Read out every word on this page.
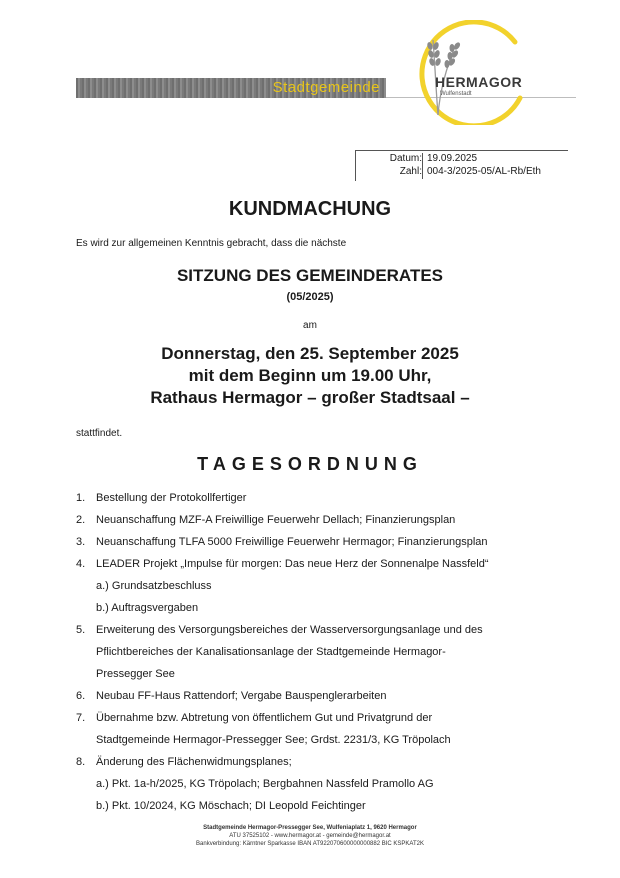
Stadtgemeinde	HERMAGOR
Wulfenstadt
Datum: 19.09.2025
Zahl: 004-3/2025-05/AL-Rb/Eth
KUNDMACHUNG
Es wird zur allgemeinen Kenntnis gebracht, dass die nächste
SITZUNG DES GEMEINDERATES
(05/2025)
am
Donnerstag, den 25. September 2025
mit dem Beginn um 19.00 Uhr,
Rathaus Hermagor – großer Stadtsaal –
stattfindet.
TAGESORDNUNG
1. Bestellung der Protokollfertiger
2. Neuanschaffung MZF-A Freiwillige Feuerwehr Dellach; Finanzierungsplan
3. Neuanschaffung TLFA 5000 Freiwillige Feuerwehr Hermagor; Finanzierungsplan
4. LEADER Projekt „Impulse für morgen: Das neue Herz der Sonnenalpe Nassfeld“
a.) Grundsatzbeschluss
b.) Auftragsvergaben
5. Erweiterung des Versorgungsbereiches der Wasserversorgungsanlage und des
Pflichtbereiches der Kanalisationsanlage der Stadtgemeinde Hermagor-
Pressegger See
6. Neubau FF-Haus Rattendorf; Vergabe Bauspenglerarbeiten
7. Übernahme bzw. Abtretung von öffentlichem Gut und Privatgrund der
Stadtgemeinde Hermagor-Pressegger See; Grdst. 2231/3, KG Tröpolach
8. Änderung des Flächenwidmungsplanes;
a.) Pkt. 1a-h/2025, KG Tröpolach; Bergbahnen Nassfeld Pramollo AG
b.) Pkt. 10/2024, KG Möschach; DI Leopold Feichtinger
Stadtgemeinde Hermagor-Pressegger See, Wulfeniaplatz 1, 9620 Hermagor
ATU 37525102 - www.hermagor.at - gemeinde@hermagor.at
Bankverbindung: Kärntner Sparkasse IBAN AT922070600000000882 BIC KSPKAT2K
